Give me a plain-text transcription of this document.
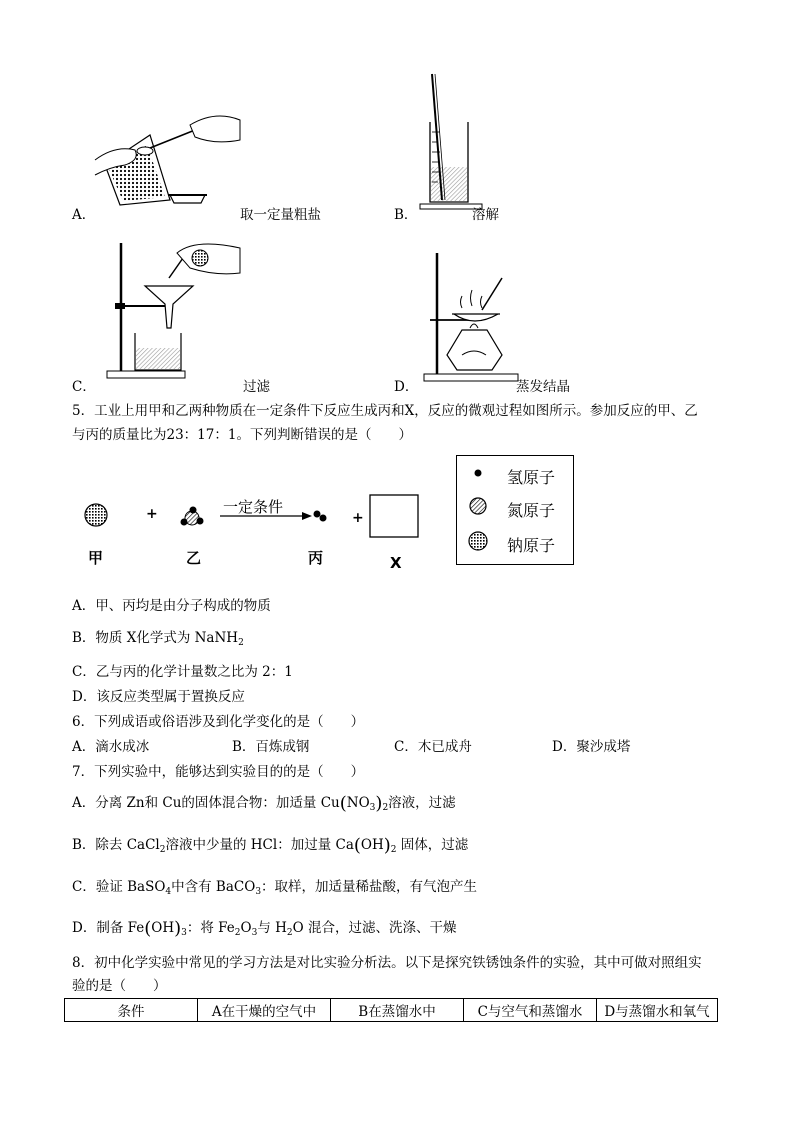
A．	取一定量粗盐	B．	溶解
C．	过滤	D．	蒸发结晶
5．工业上用甲和乙两种物质在一定条件下反应生成丙和X，反应的微观过程如图所示。参加反应的甲、乙
与丙的质量比为23：17：1。下列判断错误的是（　　）
+	+
一定条件
甲	乙	丙	X
氢原子
氮原子
钠原子
A．甲、丙均是由分子构成的物质
B．物质 X化学式为 NaNH$_2$
C．乙与丙的化学计量数之比为 2：1
D．该反应类型属于置换反应
6．下列成语或俗语涉及到化学变化的是（　　）
A．滴水成冰	B．百炼成钢	C．木已成舟	D．聚沙成塔
7．下列实验中，能够达到实验目的的是（　　）
A．分离 Zn和 Cu的固体混合物：加适量 $Cu(NO_3)_2$溶液，过滤
B．除去 CaCl$_2$溶液中少量的 HCl：加过量 $Ca(OH)_2$ 固体，过滤
C．验证 BaSO$_4$中含有 BaCO$_3$：取样，加适量稀盐酸，有气泡产生
D．制备 $Fe(OH)_3$：将 $Fe_2O_3$与 $H_2O$ 混合，过滤、洗涤、干燥
8．初中化学实验中常见的学习方法是对比实验分析法。以下是探究铁锈蚀条件的实验，其中可做对照组实
验的是（　　）
条件	A在干燥的空气中	B在蒸馏水中	C与空气和蒸馏水	D与蒸馏水和氧气
